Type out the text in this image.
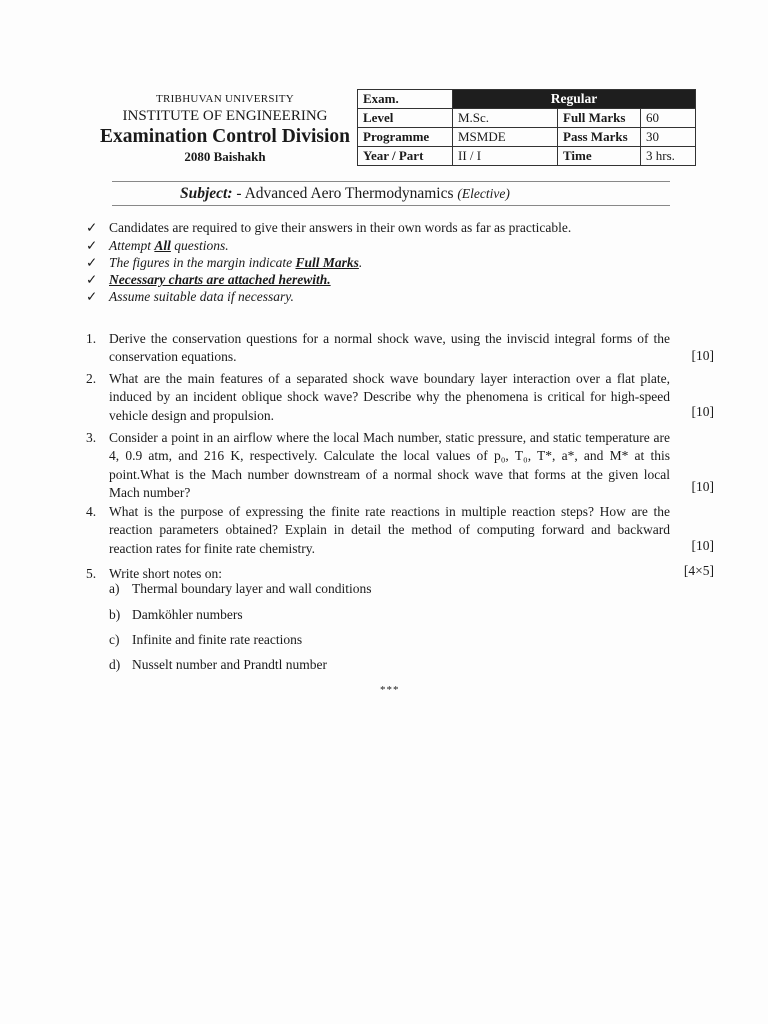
TRIBHUVAN UNIVERSITY
INSTITUTE OF ENGINEERING
Examination Control Division
2080 Baishakh
Exam.	Regular		
Level	M.Sc.	Full Marks	60
Programme	MSMDE	Pass Marks	30
Year / Part	II / I	Time	3 hrs.
Subject: - Advanced Aero Thermodynamics (Elective)
✓ Candidates are required to give their answers in their own words as far as practicable.
✓ Attempt All questions.
✓ The figures in the margin indicate Full Marks.
✓ Necessary charts are attached herewith.
✓ Assume suitable data if necessary.
1. Derive the conservation questions for a normal shock wave, using the inviscid integral forms of the conservation equations.	[10]
2. What are the main features of a separated shock wave boundary layer interaction over a flat plate, induced by an incident oblique shock wave? Describe why the phenomena is critical for high-speed vehicle design and propulsion.	[10]
3. Consider a point in an airflow where the local Mach number, static pressure, and static temperature are 4, 0.9 atm, and 216 K, respectively. Calculate the local values of p₀, T₀, T*, a*, and M* at this point.What is the Mach number downstream of a normal shock wave that forms at the given local Mach number?	[10]
4. What is the purpose of expressing the finite rate reactions in multiple reaction steps? How are the reaction parameters obtained? Explain in detail the method of computing forward and backward reaction rates for finite rate chemistry.	[10]
5. Write short notes on:	[4×5]
a) Thermal boundary layer and wall conditions
b) Damköhler numbers
c) Infinite and finite rate reactions
d) Nusselt number and Prandtl number
***
